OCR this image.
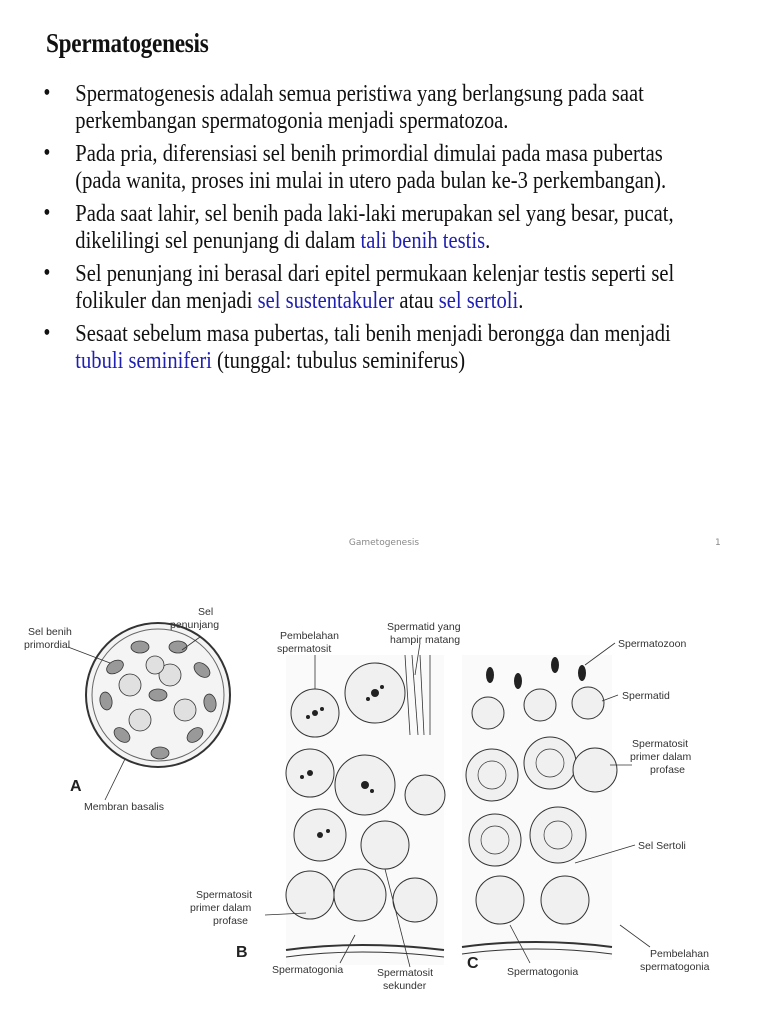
Spermatogenesis
• Spermatogenesis adalah semua peristiwa yang berlangsung pada saat perkembangan spermatogonia menjadi spermatozoa.
• Pada pria, diferensiasi sel benih primordial dimulai pada masa pubertas (pada wanita, proses ini mulai in utero pada bulan ke-3 perkembangan).
• Pada saat lahir, sel benih pada laki-laki merupakan sel yang besar, pucat, dikelilingi sel penunjang di dalam tali benih testis.
• Sel penunjang ini berasal dari epitel permukaan kelenjar testis seperti sel folikuler dan menjadi sel sustentakuler atau sel sertoli.
• Sesaat sebelum masa pubertas, tali benih menjadi berongga dan menjadi tubuli seminiferi (tunggal: tubulus seminiferus)
Gametogenesis	1
Sel benih
primordial
Sel
penunjang
A
Membran basalis
Pembelahan
spermatosit
Spermatid yang
hampir matang
Spermatosit
primer dalam
profase
B
Spermatogonia	Spermatosit
sekunder
Spermatozoon
Spermatid
Spermatosit
primer dalam
profase
Sel Sertoli
C	Spermatogonia
Pembelahan
spermatogonia
